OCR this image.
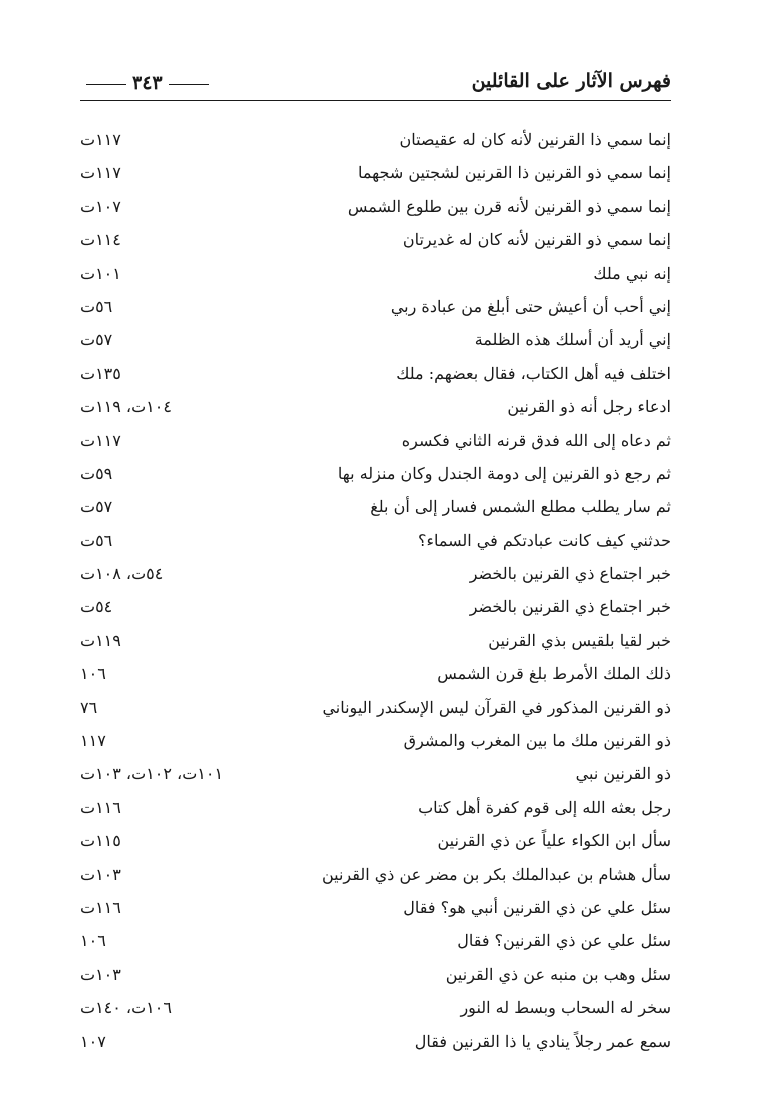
فهرس الآثار على القائلين
٣٤٣
إنما سمي ذا القرنين لأنه كان له عقيصتان
١١٧ت
إنما سمي ذو القرنين ذا القرنين لشجتين شجهما
١١٧ت
إنما سمي ذو القرنين لأنه قرن بين طلوع الشمس
١٠٧ت
إنما سمي ذو القرنين لأنه كان له غديرتان
١١٤ت
إنه نبي ملك
١٠١ت
إني أحب أن أعيش حتى أبلغ من عبادة ربي
٥٦ت
إني أريد أن أسلك هذه الظلمة
٥٧ت
اختلف فيه أهل الكتاب، فقال بعضهم: ملك
١٣٥ت
ادعاء رجل أنه ذو القرنين
١٠٤ت، ١١٩ت
ثم دعاه إلى الله فدق قرنه الثاني فكسره
١١٧ت
ثم رجع ذو القرنين إلى دومة الجندل وكان منزله بها
٥٩ت
ثم سار يطلب مطلع الشمس فسار إلى أن بلغ
٥٧ت
حدثني كيف كانت عبادتكم في السماء؟
٥٦ت
خبر اجتماع ذي القرنين بالخضر
٥٤ت، ١٠٨ت
خبر اجتماع ذي القرنين بالخضر
٥٤ت
خبر لقيا بلقيس بذي القرنين
١١٩ت
ذلك الملك الأمرط بلغ قرن الشمس
١٠٦
ذو القرنين المذكور في القرآن ليس الإسكندر اليوناني
٧٦
ذو القرنين ملك ما بين المغرب والمشرق
١١٧
ذو القرنين نبي
١٠١ت، ١٠٢ت، ١٠٣ت
رجل بعثه الله إلى قوم كفرة أهل كتاب
١١٦ت
سأل ابن الكواء علياً عن ذي القرنين
١١٥ت
سأل هشام بن عبدالملك بكر بن مضر عن ذي القرنين
١٠٣ت
سئل علي عن ذي القرنين أنبي هو؟ فقال
١١٦ت
سئل علي عن ذي القرنين؟ فقال
١٠٦
سئل وهب بن منبه عن ذي القرنين
١٠٣ت
سخر له السحاب وبسط له النور
١٠٦ت، ١٤٠ت
سمع عمر رجلاً ينادي يا ذا القرنين فقال
١٠٧
